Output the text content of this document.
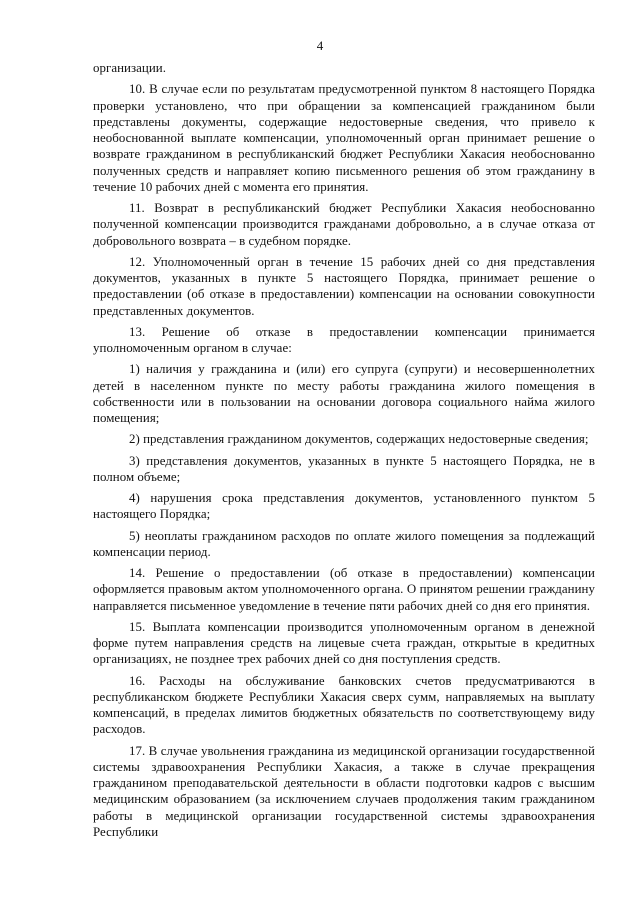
4

организации.

10. В случае если по результатам предусмотренной пунктом 8 настоящего Порядка проверки установлено, что при обращении за компенсацией гражданином были представлены документы, содержащие недостоверные сведения, что привело к необоснованной выплате компенсации, уполномоченный орган принимает решение о возврате гражданином в республиканский бюджет Республики Хакасия необоснованно полученных средств и направляет копию письменного решения об этом гражданину в течение 10 рабочих дней с момента его принятия.

11. Возврат в республиканский бюджет Республики Хакасия необоснованно полученной компенсации производится гражданами добровольно, а в случае отказа от добровольного возврата – в судебном порядке.

12. Уполномоченный орган в течение 15 рабочих дней со дня представления документов, указанных в пункте 5 настоящего Порядка, принимает решение о предоставлении (об отказе в предоставлении) компенсации на основании совокупности представленных документов.

13. Решение об отказе в предоставлении компенсации принимается уполномоченным органом в случае:

1) наличия у гражданина и (или) его супруга (супруги) и несовершеннолетних детей в населенном пункте по месту работы гражданина жилого помещения в собственности или в пользовании на основании договора социального найма жилого помещения;

2) представления гражданином документов, содержащих недостоверные сведения;

3) представления документов, указанных в пункте 5 настоящего Порядка, не в полном объеме;

4) нарушения срока представления документов, установленного пунктом 5 настоящего Порядка;

5) неоплаты гражданином расходов по оплате жилого помещения за подлежащий компенсации период.

14. Решение о предоставлении (об отказе в предоставлении) компенсации оформляется правовым актом уполномоченного органа. О принятом решении гражданину направляется письменное уведомление в течение пяти рабочих дней со дня его принятия.

15. Выплата компенсации производится уполномоченным органом в денежной форме путем направления средств на лицевые счета граждан, открытые в кредитных организациях, не позднее трех рабочих дней со дня поступления средств.

16. Расходы на обслуживание банковских счетов предусматриваются в республиканском бюджете Республики Хакасия сверх сумм, направляемых на выплату компенсаций, в пределах лимитов бюджетных обязательств по соответствующему виду расходов.

17. В случае увольнения гражданина из медицинской организации государственной системы здравоохранения Республики Хакасия, а также в случае прекращения гражданином преподавательской деятельности в области подготовки кадров с высшим медицинским образованием (за исключением случаев продолжения таким гражданином работы в медицинской организации государственной системы здравоохранения Республики
